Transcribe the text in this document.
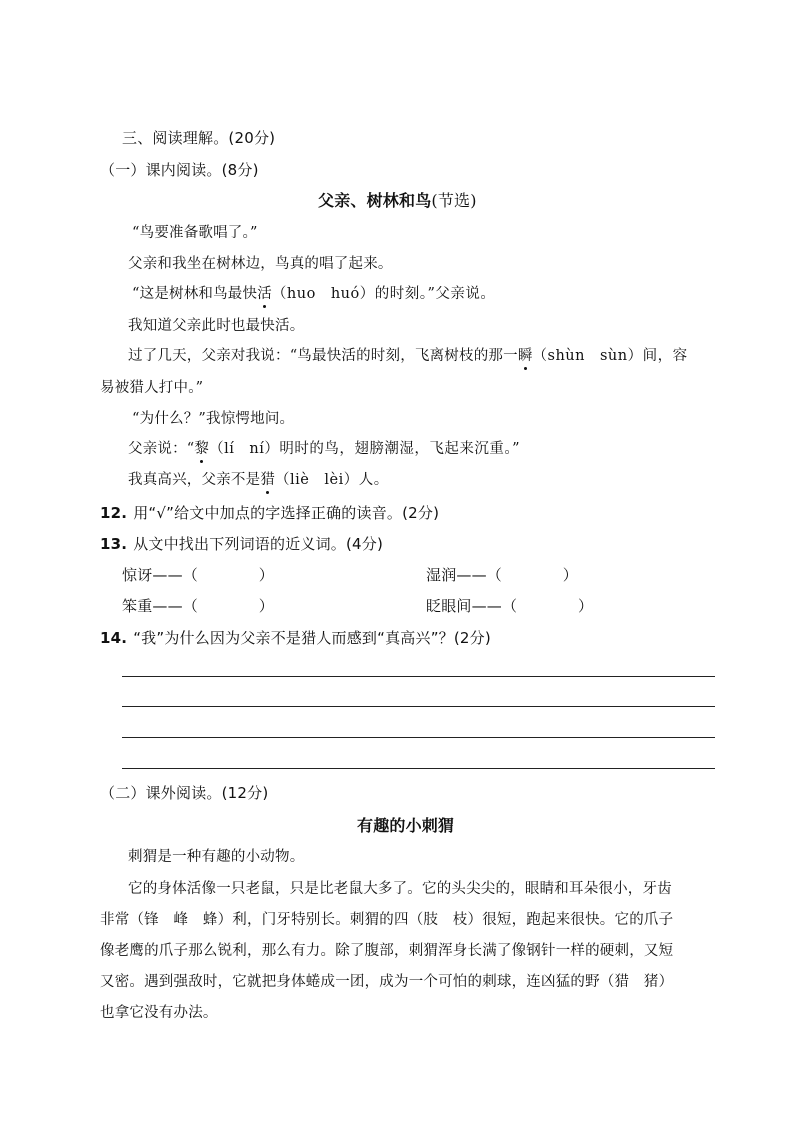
三、阅读理解。(20分)
（一）课内阅读。(8分)
父亲、树林和鸟(节选)
“鸟要准备歌唱了。”
父亲和我坐在树林边，鸟真的唱了起来。
“这是树林和鸟最快活（huo　huó）的时刻。”父亲说。
我知道父亲此时也最快活。
过了几天，父亲对我说：“鸟最快活的时刻，飞离树枝的那一瞬（shùn　sùn）间，容
易被猎人打中。”
“为什么？”我惊愕地问。
父亲说：“黎（lí　ní）明时的鸟，翅膀潮湿，飞起来沉重。”
我真高兴，父亲不是猎（liè　lèi）人。
12. 用“√”给文中加点的字选择正确的读音。(2分)
13. 从文中找出下列词语的近义词。(4分)
惊讶——（　　　　）	湿润——（　　　　）
笨重——（　　　　）	眨眼间——（　　　　）
14. “我”为什么因为父亲不是猎人而感到“真高兴”？(2分)
（二）课外阅读。(12分)
有趣的小刺猬
刺猬是一种有趣的小动物。
它的身体活像一只老鼠，只是比老鼠大多了。它的头尖尖的，眼睛和耳朵很小，牙齿
非常（锋　峰　蜂）利，门牙特别长。刺猬的四（肢　枝）很短，跑起来很快。它的爪子
像老鹰的爪子那么锐利，那么有力。除了腹部，刺猬浑身长满了像钢针一样的硬刺，又短
又密。遇到强敌时，它就把身体蜷成一团，成为一个可怕的刺球，连凶猛的野（猎　猪）
也拿它没有办法。
